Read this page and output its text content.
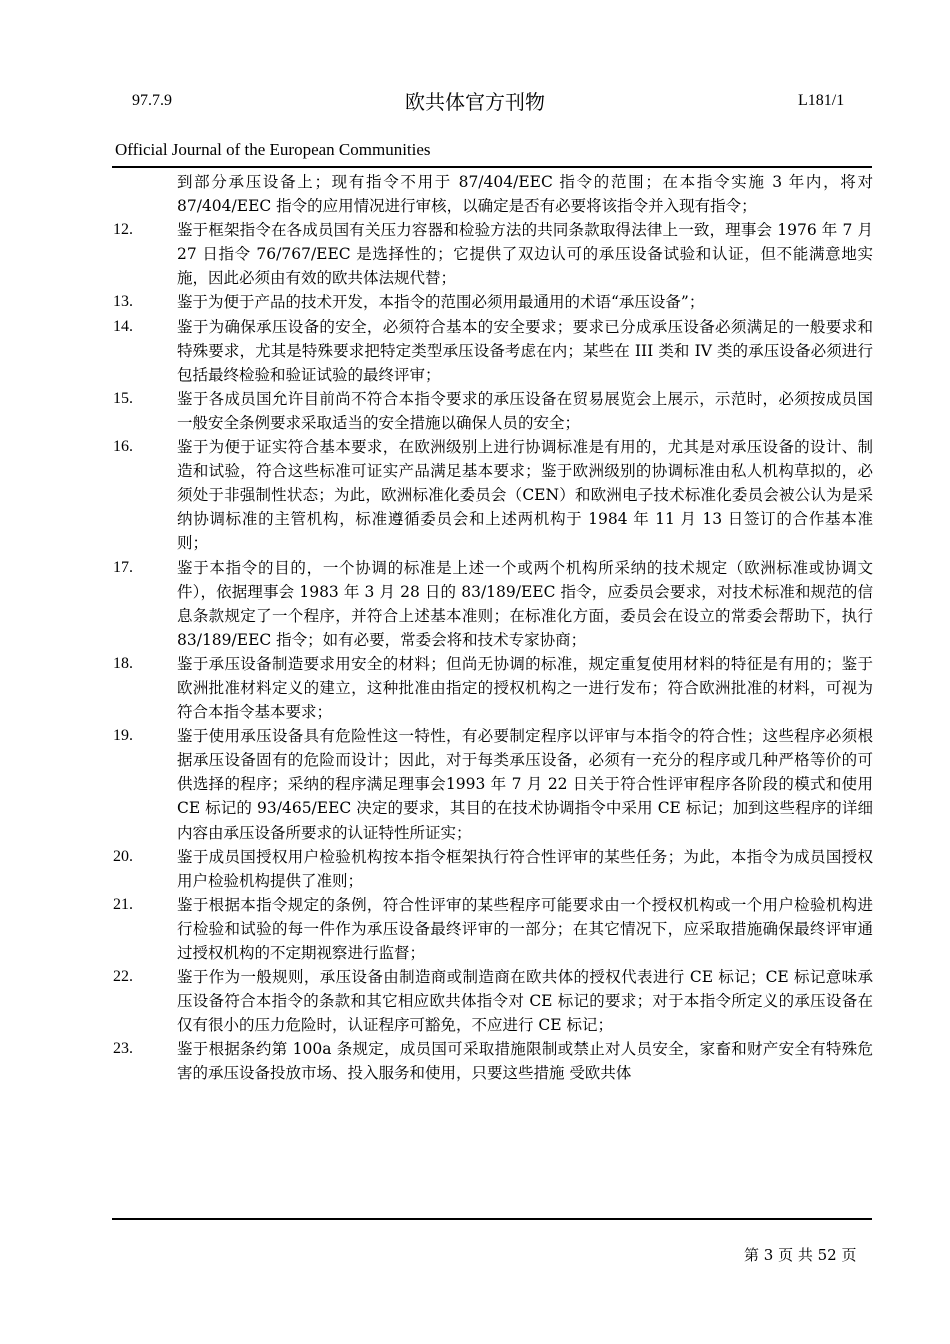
97.7.9	欧共体官方刊物	L181/1
Official Journal of the European Communities
到部分承压设备上；现有指令不用于 87/404/EEC 指令的范围；在本指令实施 3 年内，将对 87/404/EEC 指令的应用情况进行审核，以确定是否有必要将该指令并入现有指令；
12.	鉴于框架指令在各成员国有关压力容器和检验方法的共同条款取得法律上一致，理事会 1976 年 7 月 27 日指令 76/767/EEC 是选择性的；它提供了双边认可的承压设备试验和认证，但不能满意地实施，因此必须由有效的欧共体法规代替；
13.	鉴于为便于产品的技术开发，本指令的范围必须用最通用的术语“承压设备”；
14.	鉴于为确保承压设备的安全，必须符合基本的安全要求；要求已分成承压设备必须满足的一般要求和特殊要求，尤其是特殊要求把特定类型承压设备考虑在内；某些在 III 类和 IV 类的承压设备必须进行包括最终检验和验证试验的最终评审；
15.	鉴于各成员国允许目前尚不符合本指令要求的承压设备在贸易展览会上展示，示范时，必须按成员国一般安全条例要求采取适当的安全措施以确保人员的安全；
16.	鉴于为便于证实符合基本要求，在欧洲级别上进行协调标准是有用的，尤其是对承压设备的设计、制造和试验，符合这些标准可证实产品满足基本要求；鉴于欧洲级别的协调标准由私人机构草拟的，必须处于非强制性状态；为此，欧洲标准化委员会（CEN）和欧洲电子技术标准化委员会被公认为是采纳协调标准的主管机构，标准遵循委员会和上述两机构于 1984 年 11 月 13 日签订的合作基本准则；
17.	鉴于本指令的目的，一个协调的标准是上述一个或两个机构所采纳的技术规定（欧洲标准或协调文件），依据理事会 1983 年 3 月 28 日的 83/189/EEC 指令，应委员会要求，对技术标准和规范的信息条款规定了一个程序，并符合上述基本准则；在标准化方面，委员会在设立的常委会帮助下，执行 83/189/EEC 指令；如有必要，常委会将和技术专家协商；
18.	鉴于承压设备制造要求用安全的材料；但尚无协调的标准，规定重复使用材料的特征是有用的；鉴于欧洲批准材料定义的建立，这种批准由指定的授权机构之一进行发布；符合欧洲批准的材料，可视为符合本指令基本要求；
19.	鉴于使用承压设备具有危险性这一特性，有必要制定程序以评审与本指令的符合性；这些程序必须根据承压设备固有的危险而设计；因此，对于每类承压设备，必须有一充分的程序或几种严格等价的可供选择的程序；采纳的程序满足理事会1993 年 7 月 22 日关于符合性评审程序各阶段的模式和使用 CE 标记的 93/465/EEC 决定的要求，其目的在技术协调指令中采用 CE 标记；加到这些程序的详细内容由承压设备所要求的认证特性所证实；
20.	鉴于成员国授权用户检验机构按本指令框架执行符合性评审的某些任务；为此，本指令为成员国授权用户检验机构提供了准则；
21.	鉴于根据本指令规定的条例，符合性评审的某些程序可能要求由一个授权机构或一个用户检验机构进行检验和试验的每一件作为承压设备最终评审的一部分；在其它情况下，应采取措施确保最终评审通过授权机构的不定期视察进行监督；
22.	鉴于作为一般规则，承压设备由制造商或制造商在欧共体的授权代表进行 CE 标记；CE 标记意味承压设备符合本指令的条款和其它相应欧共体指令对 CE 标记的要求；对于本指令所定义的承压设备在仅有很小的压力危险时，认证程序可豁免，不应进行 CE 标记；
23.	鉴于根据条约第 100a 条规定，成员国可采取措施限制或禁止对人员安全，家畜和财产安全有特殊危害的承压设备投放市场、投入服务和使用，只要这些措施 受欧共体
第 3 页 共 52 页
